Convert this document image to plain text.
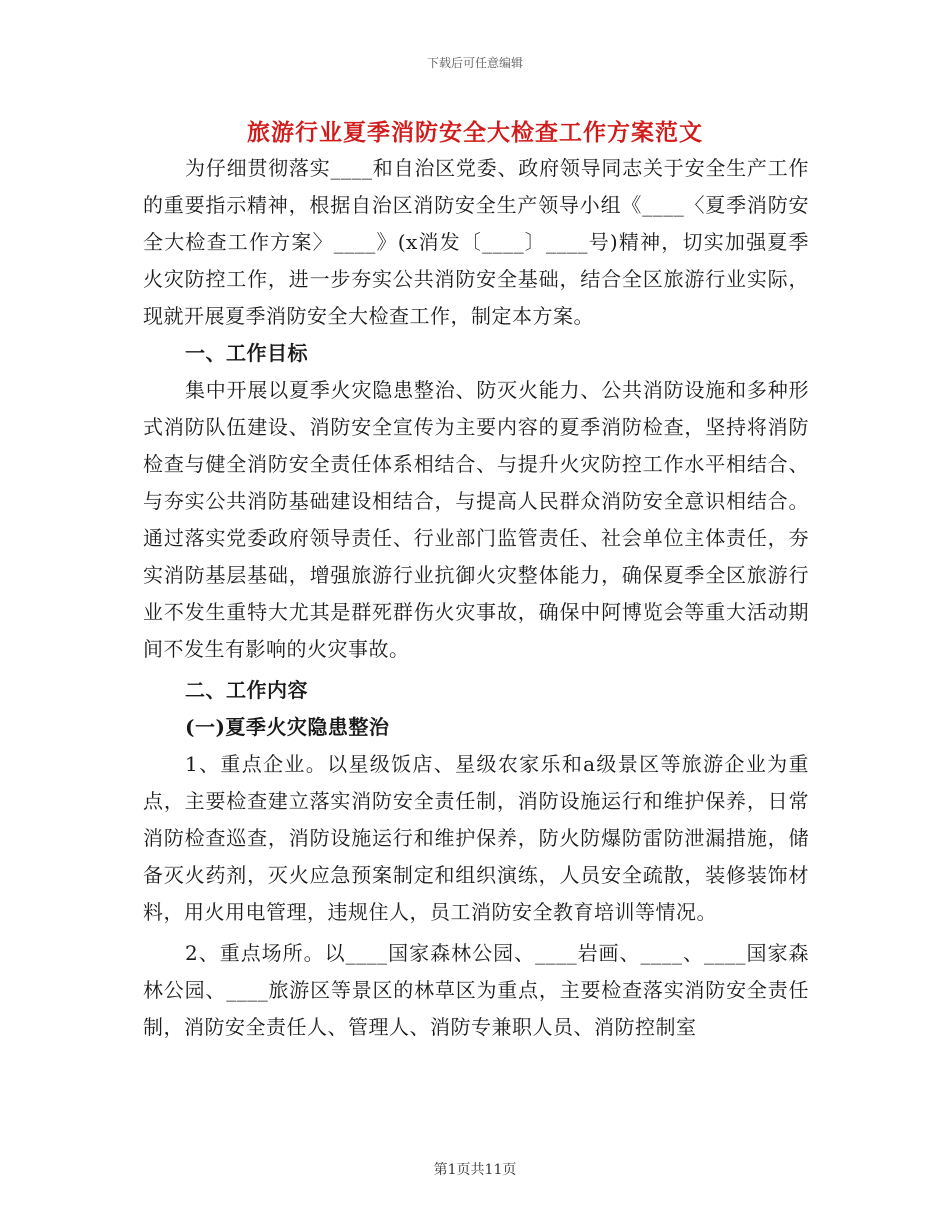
下载后可任意编辑
旅游行业夏季消防安全大检查工作方案范文

为仔细贯彻落实____和自治区党委、政府领导同志关于安全生产工作的重要指示精神，根据自治区消防安全生产领导小组《____〈夏季消防安全大检查工作方案〉____》(x消发〔____〕____号)精神，切实加强夏季火灾防控工作，进一步夯实公共消防安全基础，结合全区旅游行业实际，现就开展夏季消防安全大检查工作，制定本方案。

一、工作目标

集中开展以夏季火灾隐患整治、防灭火能力、公共消防设施和多种形式消防队伍建设、消防安全宣传为主要内容的夏季消防检查，坚持将消防检查与健全消防安全责任体系相结合、与提升火灾防控工作水平相结合、与夯实公共消防基础建设相结合，与提高人民群众消防安全意识相结合。通过落实党委政府领导责任、行业部门监管责任、社会单位主体责任，夯实消防基层基础，增强旅游行业抗御火灾整体能力，确保夏季全区旅游行业不发生重特大尤其是群死群伤火灾事故，确保中阿博览会等重大活动期间不发生有影响的火灾事故。

二、工作内容

(一)夏季火灾隐患整治

1、重点企业。以星级饭店、星级农家乐和a级景区等旅游企业为重点，主要检查建立落实消防安全责任制，消防设施运行和维护保养，日常消防检查巡查，消防设施运行和维护保养，防火防爆防雷防泄漏措施，储备灭火药剂，灭火应急预案制定和组织演练，人员安全疏散，装修装饰材料，用火用电管理，违规住人，员工消防安全教育培训等情况。

2、重点场所。以____国家森林公园、____岩画、____、____国家森林公园、____旅游区等景区的林草区为重点，主要检查落实消防安全责任制，消防安全责任人、管理人、消防专兼职人员、消防控制室

第1页共11页
